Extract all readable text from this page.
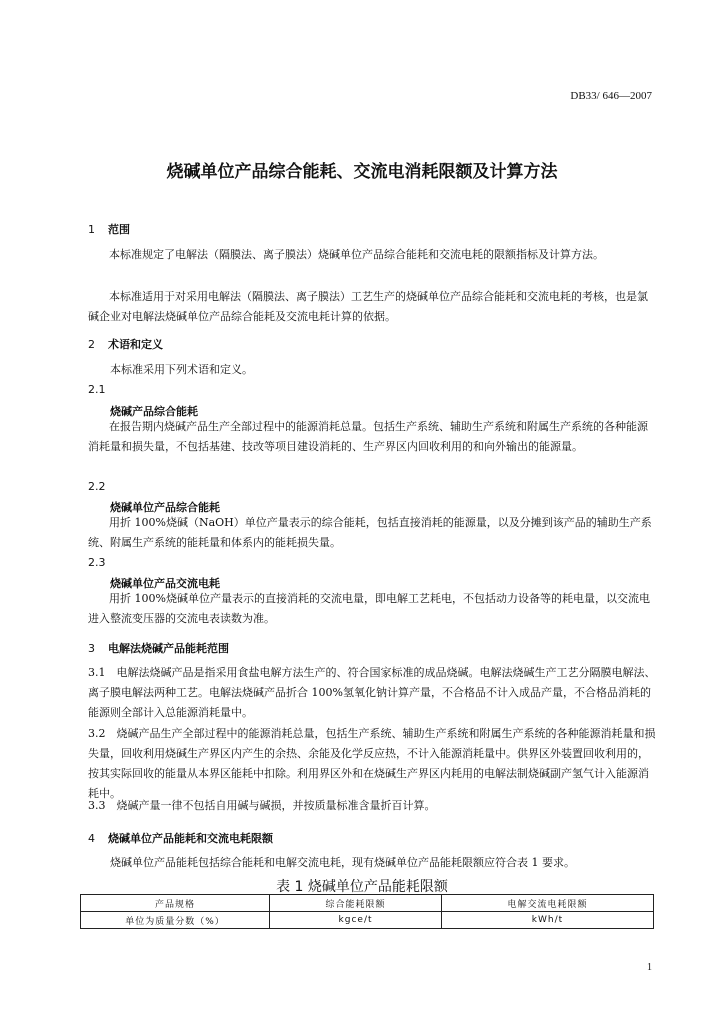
DB33/ 646—2007
烧碱单位产品综合能耗、交流电消耗限额及计算方法
1 范围
本标准规定了电解法（隔膜法、离子膜法）烧碱单位产品综合能耗和交流电耗的限额指标及计算方法。
本标准适用于对采用电解法（隔膜法、离子膜法）工艺生产的烧碱单位产品综合能耗和交流电耗的考核，也是氯碱企业对电解法烧碱单位产品综合能耗及交流电耗计算的依据。
2 术语和定义
本标准采用下列术语和定义。
2.1
烧碱产品综合能耗
在报告期内烧碱产品生产全部过程中的能源消耗总量。包括生产系统、辅助生产系统和附属生产系统的各种能源消耗量和损失量，不包括基建、技改等项目建设消耗的、生产界区内回收利用的和向外输出的能源量。
2.2
烧碱单位产品综合能耗
用折 100%烧碱（NaOH）单位产量表示的综合能耗，包括直接消耗的能源量，以及分摊到该产品的辅助生产系统、附属生产系统的能耗量和体系内的能耗损失量。
2.3
烧碱单位产品交流电耗
用折 100%烧碱单位产量表示的直接消耗的交流电量，即电解工艺耗电，不包括动力设备等的耗电量，以交流电进入整流变压器的交流电表读数为准。
3 电解法烧碱产品能耗范围
3.1　电解法烧碱产品是指采用食盐电解方法生产的、符合国家标准的成品烧碱。电解法烧碱生产工艺分隔膜电解法、离子膜电解法两种工艺。电解法烧碱产品折合 100%氢氧化钠计算产量，不合格品不计入成品产量，不合格品消耗的能源则全部计入总能源消耗量中。
3.2　烧碱产品生产全部过程中的能源消耗总量，包括生产系统、辅助生产系统和附属生产系统的各种能源消耗量和损失量，回收利用烧碱生产界区内产生的余热、余能及化学反应热，不计入能源消耗量中。供界区外装置回收利用的，按其实际回收的能量从本界区能耗中扣除。利用界区外和在烧碱生产界区内耗用的电解法制烧碱副产氢气计入能源消耗中。
3.3　烧碱产量一律不包括自用碱与碱损，并按质量标准含量折百计算。
4 烧碱单位产品能耗和交流电耗限额
烧碱单位产品能耗包括综合能耗和电解交流电耗，现有烧碱单位产品能耗限额应符合表 1 要求。
表 1 烧碱单位产品能耗限额
产品规格	综合能耗限额	电解交流电耗限额
单位为质量分数（%）	kgce/t	kWh/t
1
